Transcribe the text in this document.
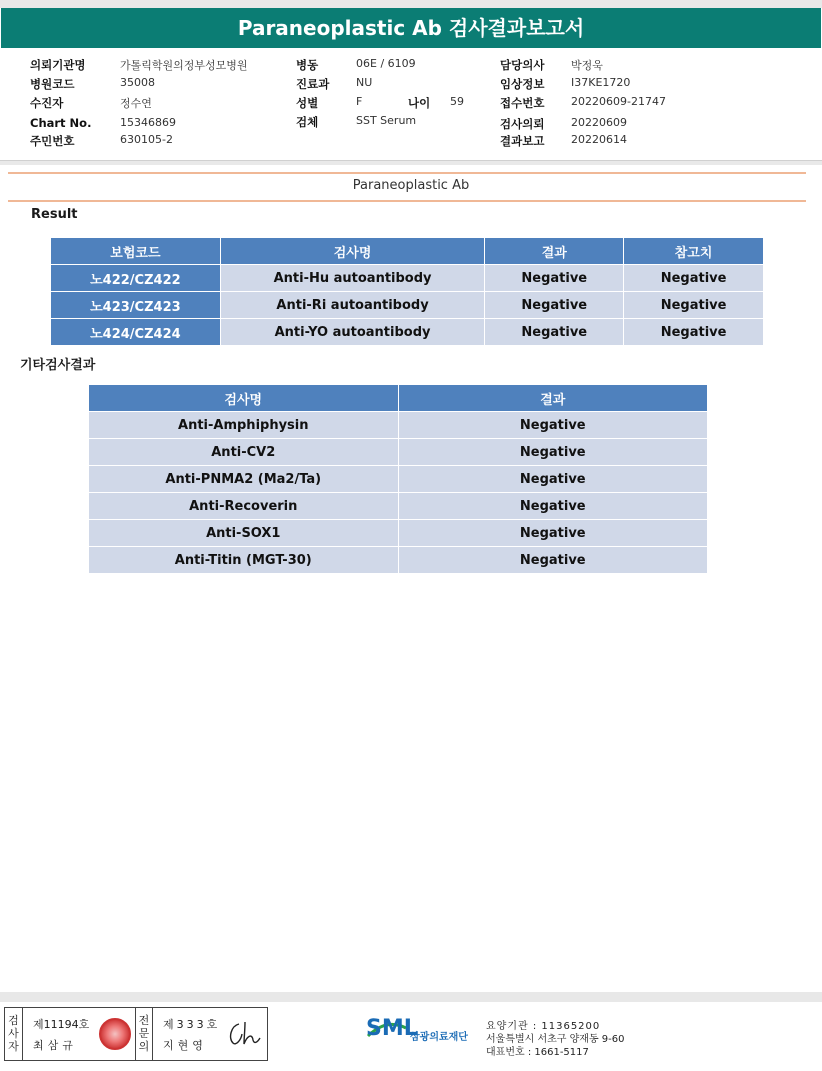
Paraneoplastic Ab 검사결과보고서
의뢰기관명	가톨릭학원의정부성모병원
병원코드	35008
수진자	정수연
Chart No.	15346869
주민번호	630105-2
병동	06E / 6109
진료과 NU
성별	F	나이 59
검체	SST Serum
담당의사 박정욱
임상정보 I37KE1720
접수번호 20220609-21747
검사의뢰 20220609
결과보고 20220614
Paraneoplastic Ab
Result
보험코드	검사명	결과	참고치
노422/CZ422	Anti-Hu autoantibody	Negative	Negative
노423/CZ423	Anti-Ri autoantibody	Negative	Negative
노424/CZ424	Anti-YO autoantibody	Negative	Negative
기타검사결과
검사명	결과
Anti-Amphiphysin	Negative
Anti-CV2	Negative
Anti-PNMA2 (Ma2/Ta)	Negative
Anti-Recoverin	Negative
Anti-SOX1	Negative
Anti-Titin (MGT-30)	Negative
검사자
제11194호
최삼규
전문의
제333호
지현영
SML
삼광의료재단
요양기관 : 11365200
서울특별시 서초구 양재동 9-60
대표번호 : 1661-5117
